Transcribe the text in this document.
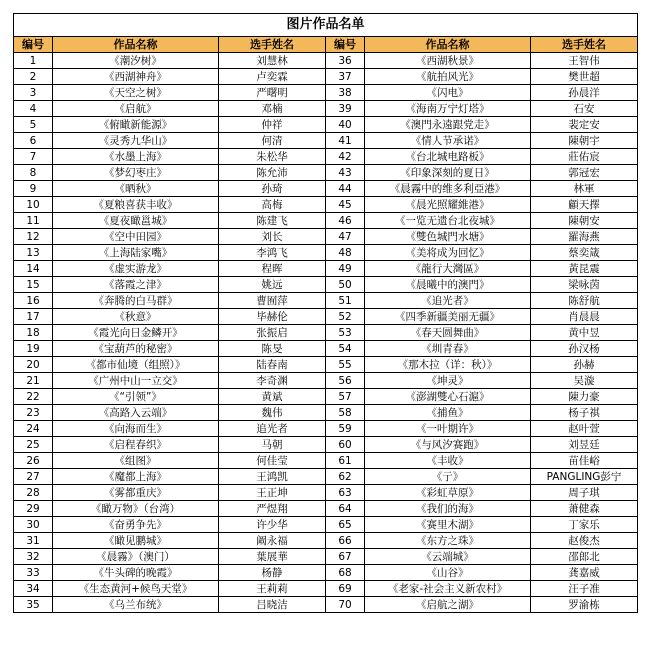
图片作品名单					
编号	作品名称	选手姓名	编号	作品名称	选手姓名
1	《潮汐树》	刘慧林	36	《西湖秋景》	王智伟
2	《西湖神舟》	卢奕霖	37	《航拍风光》	樊世超
3	《天空之树》	严曙明	38	《闪电》	孙晨洋
4	《启航》	邓楠	39	《海南万宁灯塔》	石安
5	《俯瞰新能源》	仲祥	40	《澳門永遠跟党走》	裴定安
6	《灵秀九华山》	何清	41	《情人节承诺》	陳朝宇
7	《水墨上海》	朱松华	42	《台北城电路板》	莊佑宸
8	《梦幻枣庄》	陈允沛	43	《印象深刻的夏日》	郭冠宏
9	《晒秋》	孙琦	44	《晨霧中的维多利亞港》	林軍
10	《夏粮喜获丰收》	高梅	45	《晨光照耀維港》	顧天擇
11	《夏夜瞰邕城》	陈建飞	46	《一览无遗台北夜城》	陳朝安
12	《空中田园》	刘长	47	《雙色城門水塘》	羅海燕
13	《上海陆家嘴》	李鸿飞	48	《美将成为回忆》	蔡奕箴
14	《虚实游龙》	程晖	49	《龍行大灣區》	黃昆震
15	《落霞之津》	姚远	50	《晨曦中的澳門》	梁咏茵
16	《奔腾的白马群》	曹囿萍	51	《追光者》	陈舒航
17	《秋意》	毕赫伦	52	《四季新疆美丽无疆》	肖晨晨
18	《霞光向日金鳞开》	张振启	53	《春天圆舞曲》	黄中昱
19	《宝葫芦的秘密》	陈旻	54	《圳青春》	孙汉杨
20	《都市仙境（组照）》	陆春南	55	《那木拉（详：秋）》	孙赫
21	《广州中山一立交》	李奇渊	56	《坤灵》	吴漩
22	《“引领”》	黄斌	57	《澎湖雙心石滬》	陳力豪
23	《高路入云端》	魏伟	58	《捕鱼》	杨子祺
24	《向海而生》	追光者	59	《一叶期许》	赵叶萱
25	《启程春织》	马朝	60	《与风汐赛跑》	刘昱廷
26	《组图》	何佳莹	61	《丰收》	苗佳峪
27	《魔都上海》	王鸿凯	62	《亍》	PANGLING彭宁
28	《雾都重庆》	王正坤	63	《彩虹草原》	周子琪
29	《瞰万物》（台湾）	严煜翔	64	《我们的海》	萧健森
30	《奋勇争先》	许少华	65	《赛里木湖》	丁家乐
31	《瞰见鹏城》	阚永福	66	《东方之珠》	赵俊杰
32	《晨霧》（澳门）	葉展華	67	《云端城》	邵郎北
33	《牛头碑的晚霞》	杨静	68	《山谷》	龚嘉威
34	《生态黄河+候鸟天堂》	王莉莉	69	《老家-社会主义新农村》	汪子准
35	《乌兰布统》	吕晓洁	70	《启航之湖》	罗渝栋
